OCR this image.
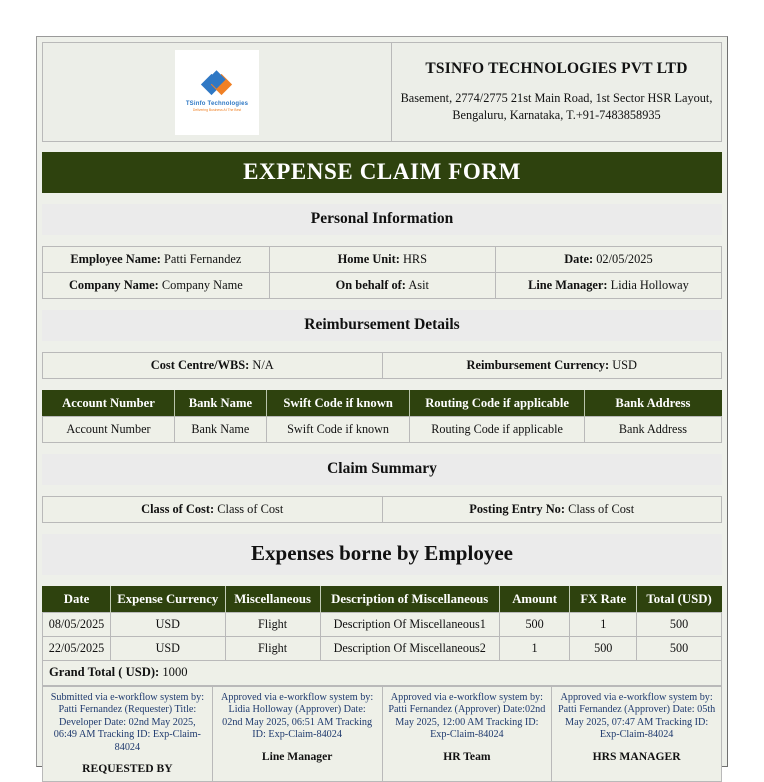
TSinfo Technologies
Delivering Business At The Best

TSINFO TECHNOLOGIES PVT LTD
Basement, 2774/2775 21st Main Road, 1st Sector HSR Layout,
Bengaluru, Karnataka, T.+91-7483858935
EXPENSE CLAIM FORM
Personal Information
Employee Name: Patti Fernandez	Home Unit: HRS	Date: 02/05/2025
Company Name: Company Name	On behalf of: Asit	Line Manager: Lidia Holloway
Reimbursement Details
Cost Centre/WBS: N/A	Reimbursement Currency: USD
Account Number	Bank Name	Swift Code if known	Routing Code if applicable	Bank Address
Account Number	Bank Name	Swift Code if known	Routing Code if applicable	Bank Address
Claim Summary
Class of Cost: Class of Cost	Posting Entry No: Class of Cost
Expenses borne by Employee
Date	Expense Currency	Miscellaneous	Description of Miscellaneous	Amount	FX Rate	Total (USD)
08/05/2025	USD	Flight	Description Of Miscellaneous1	500	1	500
22/05/2025	USD	Flight	Description Of Miscellaneous2	1	500	500
Grand Total ( USD): 1000						
Submitted via e-workflow system by: Patti Fernandez (Requester) Title: Developer Date: 02nd May 2025, 06:49 AM Tracking ID: Exp-Claim-84024
REQUESTED BY

Approved via e-workflow system by: Lidia Holloway (Approver) Date: 02nd May 2025, 06:51 AM Tracking ID: Exp-Claim-84024
Line Manager

Approved via e-workflow system by: Patti Fernandez (Approver) Date:02nd May 2025, 12:00 AM Tracking ID: Exp-Claim-84024
HR Team

Approved via e-workflow system by: Patti Fernandez (Approver) Date: 05th May 2025, 07:47 AM Tracking ID: Exp-Claim-84024
HRS MANAGER
